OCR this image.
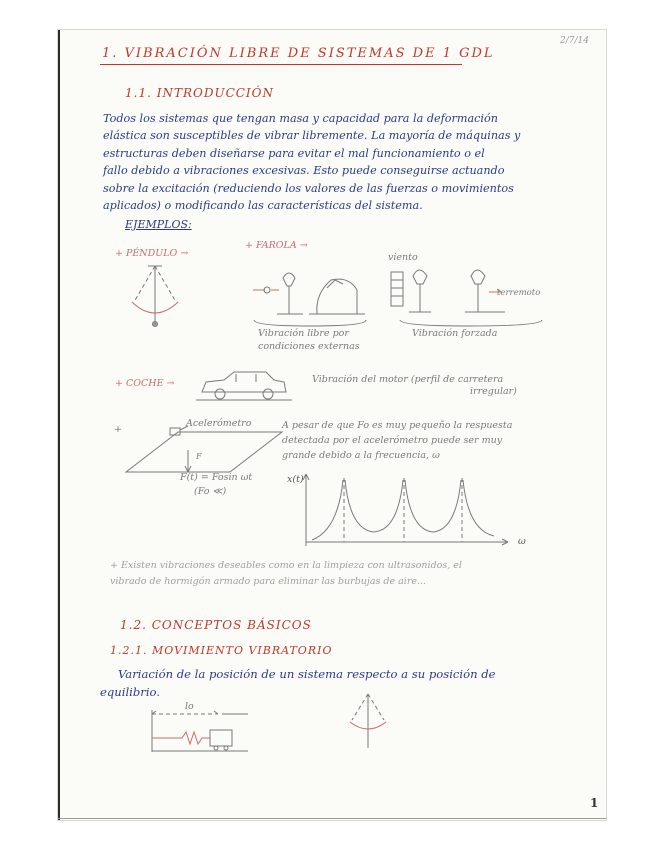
2/7/14
1. VIBRACIÓN LIBRE DE SISTEMAS DE 1 GDL
1.1. INTRODUCCIÓN
Todos los sistemas que tengan masa y capacidad para la deformación
elástica son susceptibles de vibrar libremente. La mayoría de máquinas y
estructuras deben diseñarse para evitar el mal funcionamiento o el
fallo debido a vibraciones excesivas. Esto puede conseguirse actuando
sobre la excitación (reduciendo los valores de las fuerzas o movimientos
aplicados) o modificando las características del sistema.
EJEMPLOS:
+ PÉNDULO →
+ FAROLA →
viento
terremoto
Vibración libre por
condiciones externas
Vibración forzada
+ COCHE →	Vibración del motor (perfil de carretera
irregular)
+
Acelerómetro
F
F(t) = Fosin ωt
(Fo ≪)
A pesar de que Fo es muy pequeño la respuesta
detectada por el acelerómetro puede ser muy
grande debido a la frecuencia, ω
x(t)
ω
+ Existen vibraciones deseables como en la limpieza con ultrasonidos, el
vibrado de hormigón armado para eliminar las burbujas de aire...
1.2. CONCEPTOS BÁSICOS
1.2.1. MOVIMIENTO VIBRATORIO
Variación de la posición de un sistema respecto a su posición de
equilibrio.
lo
1
